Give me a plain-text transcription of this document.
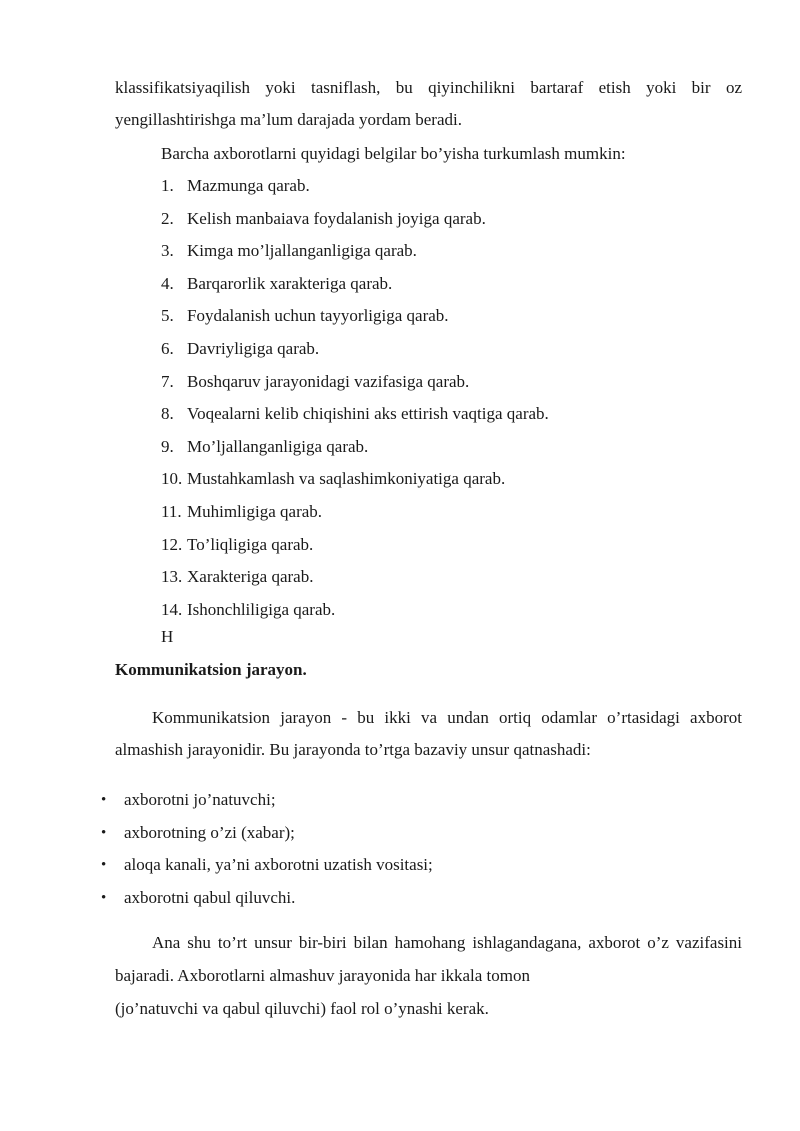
klassifikatsiyaqilish yoki tasniflash, bu qiyinchilikni bartaraf etish yoki bir oz yengillashtirishga ma’lum darajada yordam beradi.
Barcha axborotlarni quyidagi belgilar bo’yisha turkumlash mumkin:
1. Mazmunga qarab.
2. Kelish manbaiava foydalanish joyiga qarab.
3. Kimga mo’ljallanganligiga qarab.
4. Barqarorlik xarakteriga qarab.
5. Foydalanish uchun tayyorligiga qarab.
6. Davriyligiga qarab.
7. Boshqaruv jarayonidagi vazifasiga qarab.
8. Voqealarni kelib chiqishini aks ettirish vaqtiga qarab.
9. Mo’ljallanganligiga qarab.
10. Mustahkamlash va saqlashimkoniyatiga qarab.
11. Muhimligiga qarab.
12. To’liqligiga qarab.
13. Xarakteriga qarab.
14. Ishonchliligiga qarab.
H
Kommunikatsion jarayon.
Kommunikatsion jarayon - bu ikki va undan ortiq odamlar o’rtasidagi axborot almashish jarayonidir. Bu jarayonda to’rtga bazaviy unsur qatnashadi:
•	axborotni jo’natuvchi;
•	axborotning o’zi (xabar);
•	aloqa kanali, ya’ni axborotni uzatish vositasi;
•	axborotni qabul qiluvchi.
Ana shu to’rt unsur bir-biri bilan hamohang ishlagandagana, axborot o’z vazifasini bajaradi. Axborotlarni almashuv jarayonida har ikkala tomon
(jo’natuvchi va qabul qiluvchi) faol rol o’ynashi kerak.
